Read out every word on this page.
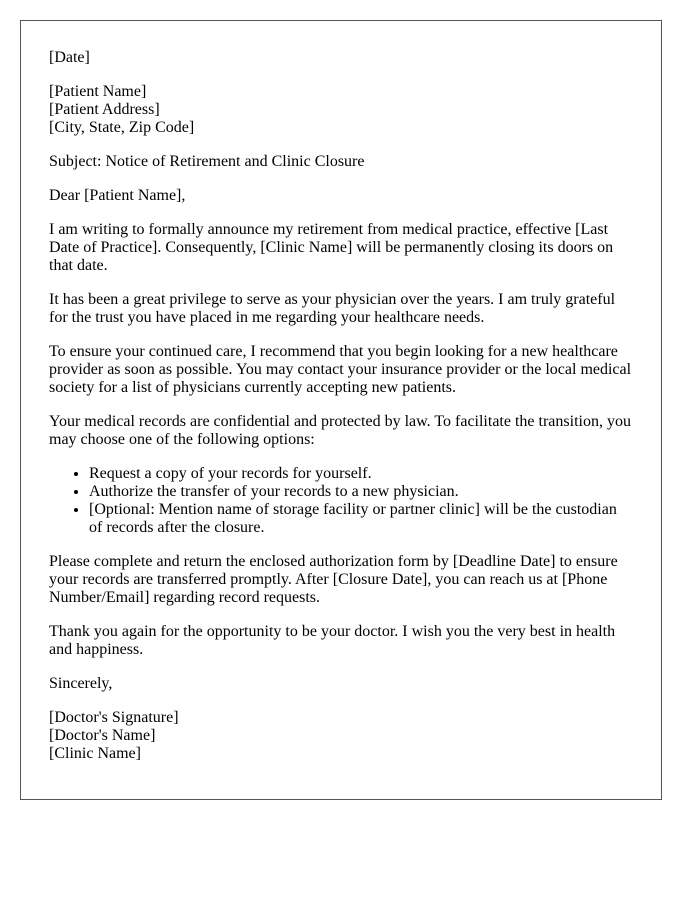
[Date]

[Patient Name]

[Patient Address]

[City, State, Zip Code]

Subject: Notice of Retirement and Clinic Closure

Dear [Patient Name],

I am writing to formally announce my retirement from medical practice, effective [Last Date of Practice]. Consequently, [Clinic Name] will be permanently closing its doors on that date.

It has been a great privilege to serve as your physician over the years. I am truly grateful for the trust you have placed in me regarding your healthcare needs.

To ensure your continued care, I recommend that you begin looking for a new healthcare provider as soon as possible. You may contact your insurance provider or the local medical society for a list of physicians currently accepting new patients.

Your medical records are confidential and protected by law. To facilitate the transition, you may choose one of the following options:

• Request a copy of your records for yourself.
• Authorize the transfer of your records to a new physician.
• [Optional: Mention name of storage facility or partner clinic] will be the custodian of records after the closure.

Please complete and return the enclosed authorization form by [Deadline Date] to ensure your records are transferred promptly. After [Closure Date], you can reach us at [Phone Number/Email] regarding record requests.

Thank you again for the opportunity to be your doctor. I wish you the very best in health and happiness.

Sincerely,

[Doctor's Signature]

[Doctor's Name]

[Clinic Name]
